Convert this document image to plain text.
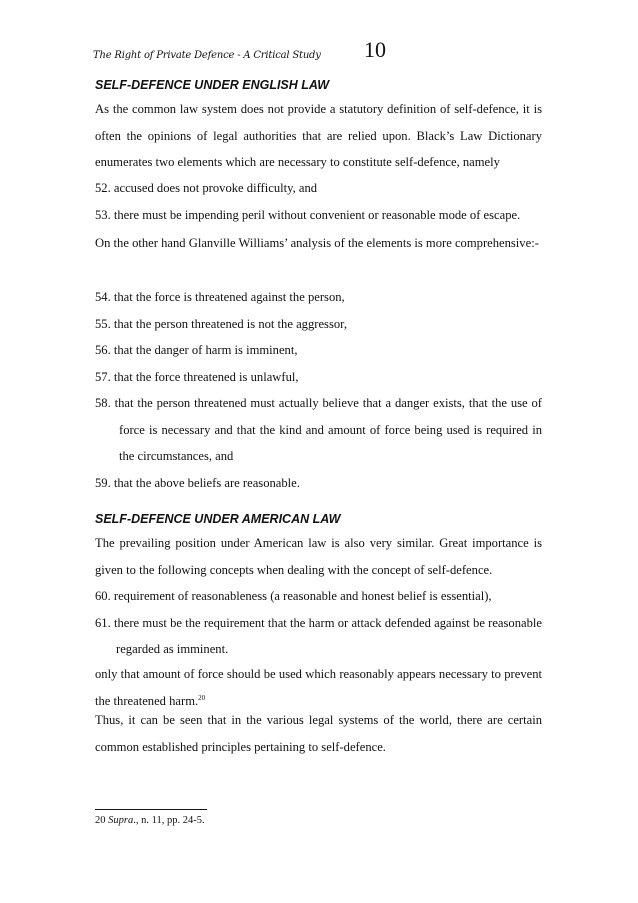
The Right of Private Defence - A Critical Study 10

SELF-DEFENCE UNDER ENGLISH LAW

As the common law system does not provide a statutory definition of self-defence, it is often the opinions of legal authorities that are relied upon. Black’s Law Dictionary enumerates two elements which are necessary to constitute self-defence, namely

52. accused does not provoke difficulty, and

53. there must be impending peril without convenient or reasonable mode of escape.

On the other hand Glanville Williams’ analysis of the elements is more comprehensive:-

54. that the force is threatened against the person,

55. that the person threatened is not the aggressor,

56. that the danger of harm is imminent,

57. that the force threatened is unlawful,

58. that the person threatened must actually believe that a danger exists, that the use of force is necessary and that the kind and amount of force being used is required in the circumstances, and

59. that the above beliefs are reasonable.

SELF-DEFENCE UNDER AMERICAN LAW

The prevailing position under American law is also very similar. Great importance is given to the following concepts when dealing with the concept of self-defence.

60. requirement of reasonableness (a reasonable and honest belief is essential),

61. there must be the requirement that the harm or attack defended against be reasonable regarded as imminent.

only that amount of force should be used which reasonably appears necessary to prevent the threatened harm.$^{20}$

Thus, it can be seen that in the various legal systems of the world, there are certain common established principles pertaining to self-defence.

20 Supra., n. 11, pp. 24-5.
